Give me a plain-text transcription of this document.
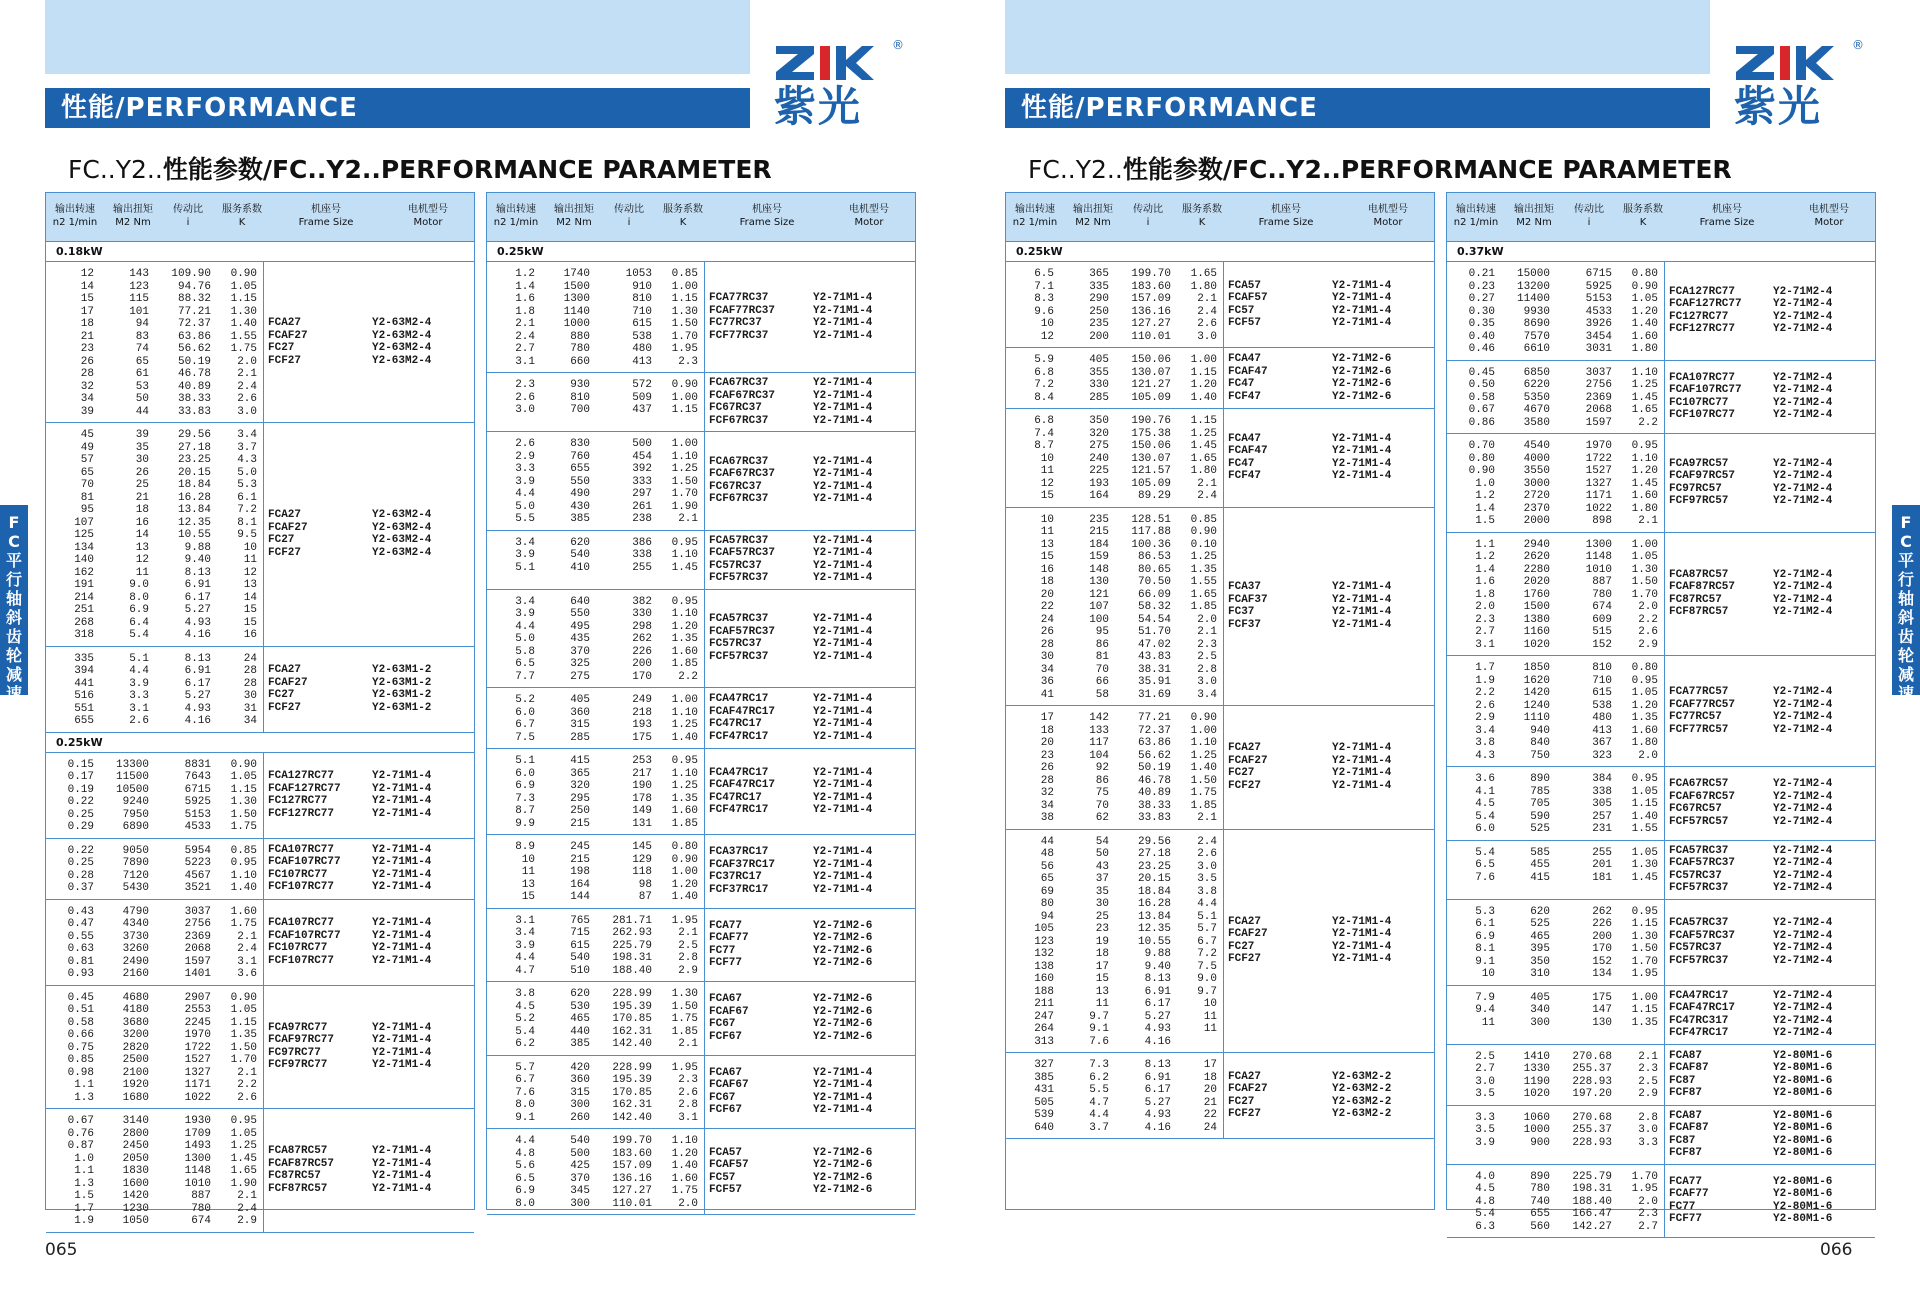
性能/PERFORMANCE
®
紫光
FC..Y2..性能参数/FC..Y2..PERFORMANCE PARAMETER
输出转速
n2 1/min
输出扭矩
M2 Nm
传动比
i
服务系数
K
机座号
Frame Size
电机型号
Motor
0.18kW
12	143	109.90	0.90
14	123	94.76	1.05
15	115	88.32	1.15
17	101	77.21	1.30
18	94	72.37	1.40
21	83	63.86	1.55
23	74	56.62	1.75
26	65	50.19	2.0
28	61	46.78	2.1
32	53	40.89	2.4
34	50	38.33	2.6
39	44	33.83	3.0
FCA27	Y2-63M2-4
FCAF27	Y2-63M2-4
FC27	Y2-63M2-4
FCF27	Y2-63M2-4
45	39	29.56	3.4
49	35	27.18	3.7
57	30	23.25	4.3
65	26	20.15	5.0
70	25	18.84	5.3
81	21	16.28	6.1
95	18	13.84	7.2
107	16	12.35	8.1
125	14	10.55	9.5
134	13	9.88	10
140	12	9.40	11
162	11	8.13	12
191	9.0	6.91	13
214	8.0	6.17	14
251	6.9	5.27	15
268	6.4	4.93	15
318	5.4	4.16	16
FCA27	Y2-63M2-4
FCAF27	Y2-63M2-4
FC27	Y2-63M2-4
FCF27	Y2-63M2-4
335	5.1	8.13	24
394	4.4	6.91	28
441	3.9	6.17	28
516	3.3	5.27	30
551	3.1	4.93	31
655	2.6	4.16	34
FCA27	Y2-63M1-2
FCAF27	Y2-63M1-2
FC27	Y2-63M1-2
FCF27	Y2-63M1-2
0.25kW
0.15	13300	8831	0.90
0.17	11500	7643	1.05
0.19	10500	6715	1.15
0.22	9240	5925	1.30
0.25	7950	5153	1.50
0.29	6890	4533	1.75
FCA127RC77	Y2-71M1-4
FCAF127RC77	Y2-71M1-4
FC127RC77	Y2-71M1-4
FCF127RC77	Y2-71M1-4
0.22	9050	5954	0.85
0.25	7890	5223	0.95
0.28	7120	4567	1.10
0.37	5430	3521	1.40
FCA107RC77	Y2-71M1-4
FCAF107RC77	Y2-71M1-4
FC107RC77	Y2-71M1-4
FCF107RC77	Y2-71M1-4
0.43	4790	3037	1.60
0.47	4340	2756	1.75
0.55	3730	2369	2.1
0.63	3260	2068	2.4
0.81	2490	1597	3.1
0.93	2160	1401	3.6
FCA107RC77	Y2-71M1-4
FCAF107RC77	Y2-71M1-4
FC107RC77	Y2-71M1-4
FCF107RC77	Y2-71M1-4
0.45	4680	2907	0.90
0.51	4180	2553	1.05
0.58	3680	2245	1.15
0.66	3200	1970	1.35
0.75	2820	1722	1.50
0.85	2500	1527	1.70
0.98	2100	1327	2.1
1.1	1920	1171	2.2
1.3	1680	1022	2.6
FCA97RC77	Y2-71M1-4
FCAF97RC77	Y2-71M1-4
FC97RC77	Y2-71M1-4
FCF97RC77	Y2-71M1-4
0.67	3140	1930	0.95
0.76	2800	1709	1.05
0.87	2450	1493	1.25
1.0	2050	1300	1.45
1.1	1830	1148	1.65
1.3	1600	1010	1.90
1.5	1420	887	2.1
1.7	1230	780	2.4
1.9	1050	674	2.9
FCA87RC57	Y2-71M1-4
FCAF87RC57	Y2-71M1-4
FC87RC57	Y2-71M1-4
FCF87RC57	Y2-71M1-4
输出转速
n2 1/min
输出扭矩
M2 Nm
传动比
i
服务系数
K
机座号
Frame Size
电机型号
Motor
0.25kW
1.2	1740	1053	0.85
1.4	1500	910	1.00
1.6	1300	810	1.15
1.8	1140	710	1.30
2.1	1000	615	1.50
2.4	880	538	1.70
2.7	780	480	1.95
3.1	660	413	2.3
FCA77RC37	Y2-71M1-4
FCAF77RC37	Y2-71M1-4
FC77RC37	Y2-71M1-4
FCF77RC37	Y2-71M1-4
2.3	930	572	0.90
2.6	810	509	1.00
3.0	700	437	1.15
FCA67RC37	Y2-71M1-4
FCAF67RC37	Y2-71M1-4
FC67RC37	Y2-71M1-4
FCF67RC37	Y2-71M1-4
2.6	830	500	1.00
2.9	760	454	1.10
3.3	655	392	1.25
3.9	550	333	1.50
4.4	490	297	1.70
5.0	430	261	1.90
5.5	385	238	2.1
FCA67RC37	Y2-71M1-4
FCAF67RC37	Y2-71M1-4
FC67RC37	Y2-71M1-4
FCF67RC37	Y2-71M1-4
3.4	620	386	0.95
3.9	540	338	1.10
5.1	410	255	1.45
FCA57RC37	Y2-71M1-4
FCAF57RC37	Y2-71M1-4
FC57RC37	Y2-71M1-4
FCF57RC37	Y2-71M1-4
3.4	640	382	0.95
3.9	550	330	1.10
4.4	495	298	1.20
5.0	435	262	1.35
5.8	370	226	1.60
6.5	325	200	1.85
7.7	275	170	2.2
FCA57RC37	Y2-71M1-4
FCAF57RC37	Y2-71M1-4
FC57RC37	Y2-71M1-4
FCF57RC37	Y2-71M1-4
5.2	405	249	1.00
6.0	360	218	1.10
6.7	315	193	1.25
7.5	285	175	1.40
FCA47RC17	Y2-71M1-4
FCAF47RC17	Y2-71M1-4
FC47RC17	Y2-71M1-4
FCF47RC17	Y2-71M1-4
5.1	415	253	0.95
6.0	365	217	1.10
6.9	320	190	1.25
7.3	295	178	1.35
8.7	250	149	1.60
9.9	215	131	1.85
FCA47RC17	Y2-71M1-4
FCAF47RC17	Y2-71M1-4
FC47RC17	Y2-71M1-4
FCF47RC17	Y2-71M1-4
8.9	245	145	0.80
10	215	129	0.90
11	198	118	1.00
13	164	98	1.20
15	144	87	1.40
FCA37RC17	Y2-71M1-4
FCAF37RC17	Y2-71M1-4
FC37RC17	Y2-71M1-4
FCF37RC17	Y2-71M1-4
3.1	765	281.71	1.95
3.4	715	262.93	2.1
3.9	615	225.79	2.5
4.4	540	198.31	2.8
4.7	510	188.40	2.9
FCA77	Y2-71M2-6
FCAF77	Y2-71M2-6
FC77	Y2-71M2-6
FCF77	Y2-71M2-6
3.8	620	228.99	1.30
4.5	530	195.39	1.50
5.2	465	170.85	1.75
5.4	440	162.31	1.85
6.2	385	142.40	2.1
FCA67	Y2-71M2-6
FCAF67	Y2-71M2-6
FC67	Y2-71M2-6
FCF67	Y2-71M2-6
5.7	420	228.99	1.95
6.7	360	195.39	2.3
7.6	315	170.85	2.6
8.0	300	162.31	2.8
9.1	260	142.40	3.1
FCA67	Y2-71M1-4
FCAF67	Y2-71M1-4
FC67	Y2-71M1-4
FCF67	Y2-71M1-4
4.4	540	199.70	1.10
4.8	500	183.60	1.20
5.6	425	157.09	1.40
6.5	370	136.16	1.60
6.9	345	127.27	1.75
8.0	300	110.01	2.0
FCA57	Y2-71M2-6
FCAF57	Y2-71M2-6
FC57	Y2-71M2-6
FCF57	Y2-71M2-6
F
C
平
行
轴
斜
齿
轮
减
速
机
065
性能/PERFORMANCE
®
紫光
FC..Y2..性能参数/FC..Y2..PERFORMANCE PARAMETER
输出转速
n2 1/min
输出扭矩
M2 Nm
传动比
i
服务系数
K
机座号
Frame Size
电机型号
Motor
0.25kW
6.5	365	199.70	1.65
7.1	335	183.60	1.80
8.3	290	157.09	2.1
9.6	250	136.16	2.4
10	235	127.27	2.6
12	200	110.01	3.0
FCA57	Y2-71M1-4
FCAF57	Y2-71M1-4
FC57	Y2-71M1-4
FCF57	Y2-71M1-4
5.9	405	150.06	1.00
6.8	355	130.07	1.15
7.2	330	121.27	1.20
8.4	285	105.09	1.40
FCA47	Y2-71M2-6
FCAF47	Y2-71M2-6
FC47	Y2-71M2-6
FCF47	Y2-71M2-6
6.8	350	190.76	1.15
7.4	320	175.38	1.25
8.7	275	150.06	1.45
10	240	130.07	1.65
11	225	121.57	1.80
12	193	105.09	2.1
15	164	89.29	2.4
FCA47	Y2-71M1-4
FCAF47	Y2-71M1-4
FC47	Y2-71M1-4
FCF47	Y2-71M1-4
10	235	128.51	0.85
11	215	117.88	0.90
13	184	100.36	0.10
15	159	86.53	1.25
16	148	80.65	1.35
18	130	70.50	1.55
20	121	66.09	1.65
22	107	58.32	1.85
24	100	54.54	2.0
26	95	51.70	2.1
28	86	47.02	2.3
30	81	43.83	2.5
34	70	38.31	2.8
36	66	35.91	3.0
41	58	31.69	3.4
FCA37	Y2-71M1-4
FCAF37	Y2-71M1-4
FC37	Y2-71M1-4
FCF37	Y2-71M1-4
17	142	77.21	0.90
18	133	72.37	1.00
20	117	63.86	1.10
23	104	56.62	1.25
26	92	50.19	1.40
28	86	46.78	1.50
32	75	40.89	1.75
34	70	38.33	1.85
38	62	33.83	2.1
FCA27	Y2-71M1-4
FCAF27	Y2-71M1-4
FC27	Y2-71M1-4
FCF27	Y2-71M1-4
44	54	29.56	2.4
48	50	27.18	2.6
56	43	23.25	3.0
65	37	20.15	3.5
69	35	18.84	3.8
80	30	16.28	4.4
94	25	13.84	5.1
105	23	12.35	5.7
123	19	10.55	6.7
132	18	9.88	7.2
138	17	9.40	7.5
160	15	8.13	9.0
188	13	6.91	9.7
211	11	6.17	10
247	9.7	5.27	11
264	9.1	4.93	11
313	7.6	4.16
FCA27	Y2-71M1-4
FCAF27	Y2-71M1-4
FC27	Y2-71M1-4
FCF27	Y2-71M1-4
327	7.3	8.13	17
385	6.2	6.91	18
431	5.5	6.17	20
505	4.7	5.27	21
539	4.4	4.93	22
640	3.7	4.16	24
FCA27	Y2-63M2-2
FCAF27	Y2-63M2-2
FC27	Y2-63M2-2
FCF27	Y2-63M2-2
输出转速
n2 1/min
输出扭矩
M2 Nm
传动比
i
服务系数
K
机座号
Frame Size
电机型号
Motor
0.37kW
0.21	15000	6715	0.80
0.23	13200	5925	0.90
0.27	11400	5153	1.05
0.30	9930	4533	1.20
0.35	8690	3926	1.40
0.40	7570	3454	1.60
0.46	6610	3031	1.80
FCA127RC77	Y2-71M2-4
FCAF127RC77	Y2-71M2-4
FC127RC77	Y2-71M2-4
FCF127RC77	Y2-71M2-4
0.45	6850	3037	1.10
0.50	6220	2756	1.25
0.58	5350	2369	1.45
0.67	4670	2068	1.65
0.86	3580	1597	2.2
FCA107RC77	Y2-71M2-4
FCAF107RC77	Y2-71M2-4
FC107RC77	Y2-71M2-4
FCF107RC77	Y2-71M2-4
0.70	4540	1970	0.95
0.80	4000	1722	1.10
0.90	3550	1527	1.20
1.0	3000	1327	1.45
1.2	2720	1171	1.60
1.4	2370	1022	1.80
1.5	2000	898	2.1
FCA97RC57	Y2-71M2-4
FCAF97RC57	Y2-71M2-4
FC97RC57	Y2-71M2-4
FCF97RC57	Y2-71M2-4
1.1	2940	1300	1.00
1.2	2620	1148	1.05
1.4	2280	1010	1.30
1.6	2020	887	1.50
1.8	1760	780	1.70
2.0	1500	674	2.0
2.3	1380	609	2.2
2.7	1160	515	2.6
3.1	1020	152	2.9
FCA87RC57	Y2-71M2-4
FCAF87RC57	Y2-71M2-4
FC87RC57	Y2-71M2-4
FCF87RC57	Y2-71M2-4
1.7	1850	810	0.80
1.9	1620	710	0.95
2.2	1420	615	1.05
2.6	1240	538	1.20
2.9	1110	480	1.35
3.4	940	413	1.60
3.8	840	367	1.80
4.3	750	323	2.0
FCA77RC57	Y2-71M2-4
FCAF77RC57	Y2-71M2-4
FC77RC57	Y2-71M2-4
FCF77RC57	Y2-71M2-4
3.6	890	384	0.95
4.1	785	338	1.05
4.5	705	305	1.15
5.4	590	257	1.40
6.0	525	231	1.55
FCA67RC57	Y2-71M2-4
FCAF67RC57	Y2-71M2-4
FC67RC57	Y2-71M2-4
FCF57RC57	Y2-71M2-4
5.4	585	255	1.05
6.5	455	201	1.30
7.6	415	181	1.45
FCA57RC37	Y2-71M2-4
FCAF57RC37	Y2-71M2-4
FC57RC37	Y2-71M2-4
FCF57RC37	Y2-71M2-4
5.3	620	262	0.95
6.1	525	226	1.15
6.9	465	200	1.30
8.1	395	170	1.50
9.1	350	152	1.70
10	310	134	1.95
FCA57RC37	Y2-71M2-4
FCAF57RC37	Y2-71M2-4
FC57RC37	Y2-71M2-4
FCF57RC37	Y2-71M2-4
7.9	405	175	1.00
9.4	340	147	1.15
11	300	130	1.35
FCA47RC17	Y2-71M2-4
FCAF47RC17	Y2-71M2-4
FC47RC317	Y2-71M2-4
FCF47RC17	Y2-71M2-4
2.5	1410	270.68	2.1
2.7	1330	255.37	2.3
3.0	1190	228.93	2.5
3.5	1020	197.20	2.9
FCA87	Y2-80M1-6
FCAF87	Y2-80M1-6
FC87	Y2-80M1-6
FCF87	Y2-80M1-6
3.3	1060	270.68	2.8
3.5	1000	255.37	3.0
3.9	900	228.93	3.3
FCA87	Y2-80M1-6
FCAF87	Y2-80M1-6
FC87	Y2-80M1-6
FCF87	Y2-80M1-6
4.0	890	225.79	1.70
4.5	780	198.31	1.95
4.8	740	188.40	2.0
5.4	655	166.47	2.3
6.3	560	142.27	2.7
FCA77	Y2-80M1-6
FCAF77	Y2-80M1-6
FC77	Y2-80M1-6
FCF77	Y2-80M1-6
F
C
平
行
轴
斜
齿
轮
减
速
机
066
